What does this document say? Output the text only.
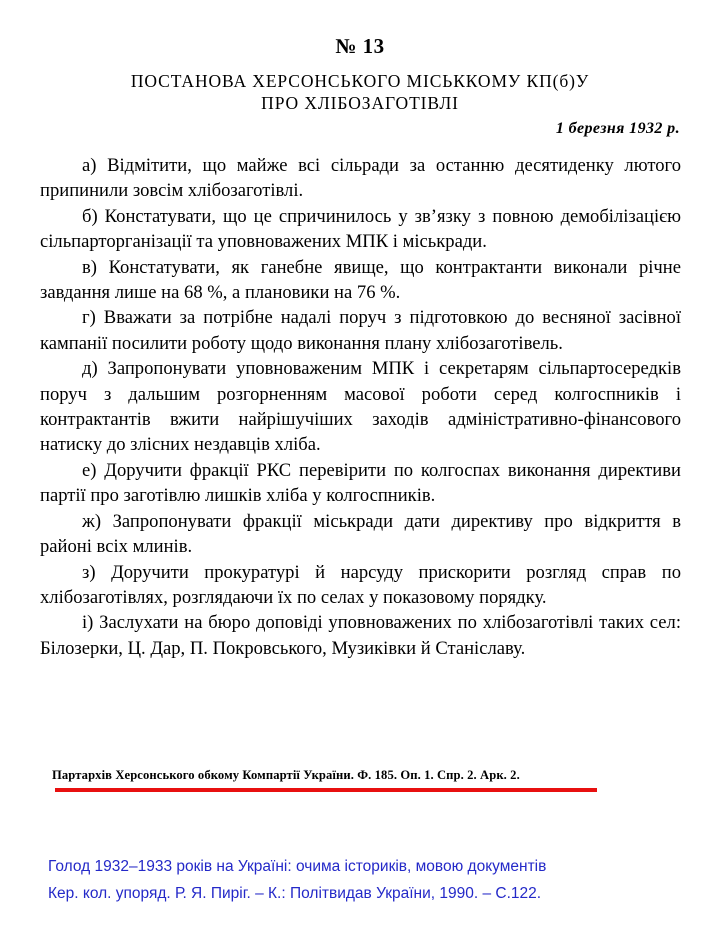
№ 13
ПОСТАНОВА ХЕРСОНСЬКОГО МІСЬККОМУ КП(б)У
ПРО ХЛІБОЗАГОТІВЛІ
1 березня 1932 р.

а) Відмітити, що майже всі сільради за останню десятиденку лютого припинили зовсім хлібозаготівлі.

б) Констатувати, що це спричинилось у зв’язку з повною демобілізацією сільпарторганізації та уповноважених МПК і міськради.

в) Констатувати, як ганебне явище, що контрактанти виконали річне завдання лише на 68 %, а плановики на 76 %.

г) Вважати за потрібне надалі поруч з підготовкою до весняної засівної кампанії посилити роботу щодо виконання плану хлібозаготівель.

д) Запропонувати уповноваженим МПК і секретарям сільпартосередків поруч з дальшим розгорненням масової роботи серед колгоспників і контрактантів вжити найрішучіших заходів адміністративно-фінансового натиску до злісних нездавців хліба.

е) Доручити фракції РКС перевірити по колгоспах виконання директиви партії про заготівлю лишків хліба у колгоспників.

ж) Запропонувати фракції міськради дати директиву про відкриття в районі всіх млинів.

з) Доручити прокуратурі й нарсуду прискорити розгляд справ по хлібозаготівлях, розглядаючи їх по селах у показовому порядку.

і) Заслухати на бюро доповіді уповноважених по хлібозаготівлі таких сел: Білозерки, Ц. Дар, П. Покровського, Музиківки й Станіславу.

Партархів Херсонського обкому Компартії України. Ф. 185. Оп. 1. Спр. 2. Арк. 2.
Голод 1932–1933 років на Україні: очима істориків, мовою документів
Кер. кол. упоряд. Р. Я. Пиріг. – К.: Політвидав України, 1990. – С.122.
